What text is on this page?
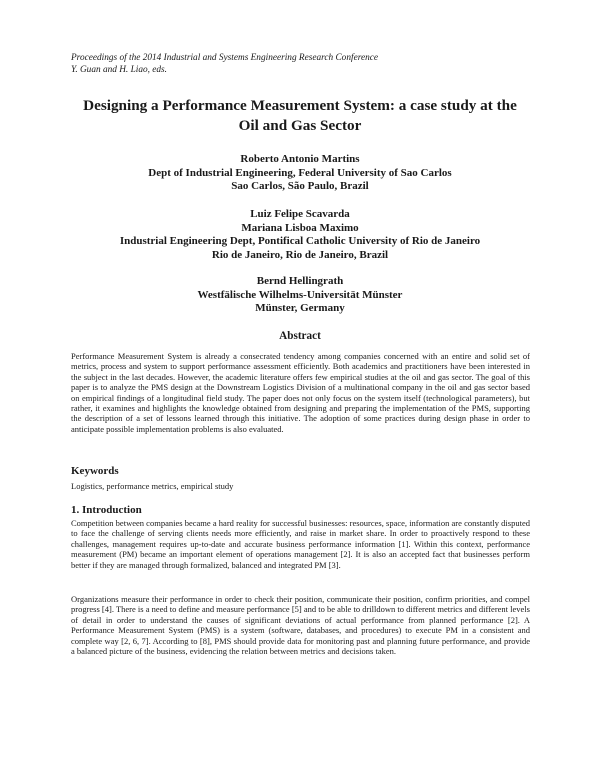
Proceedings of the 2014 Industrial and Systems Engineering Research Conference
Y. Guan and H. Liao, eds.
Designing a Performance Measurement System: a case study at the
Oil and Gas Sector
Roberto Antonio Martins
Dept of Industrial Engineering, Federal University of Sao Carlos
Sao Carlos, São Paulo, Brazil
Luiz Felipe Scavarda
Mariana Lisboa Maximo
Industrial Engineering Dept, Pontifical Catholic University of Rio de Janeiro
Rio de Janeiro, Rio de Janeiro, Brazil
Bernd Hellingrath
Westfälische Wilhelms-Universität Münster
Münster, Germany
Abstract
Performance Measurement System is already a consecrated tendency among companies concerned with an entire and solid set of metrics, process and system to support performance assessment efficiently. Both academics and practitioners have been interested in the subject in the last decades. However, the academic literature offers few empirical studies at the oil and gas sector. The goal of this paper is to analyze the PMS design at the Downstream Logistics Division of a multinational company in the oil and gas sector based on empirical findings of a longitudinal field study. The paper does not only focus on the system itself (technological parameters), but rather, it examines and highlights the knowledge obtained from designing and preparing the implementation of the PMS, supporting the description of a set of lessons learned through this initiative. The adoption of some practices during design phase in order to anticipate possible implementation problems is also evaluated.
Keywords
Logistics, performance metrics, empirical study
1. Introduction
Competition between companies became a hard reality for successful businesses: resources, space, information are constantly disputed to face the challenge of serving clients needs more efficiently, and raise in market share. In order to proactively respond to these challenges, management requires up-to-date and accurate business performance information [1]. Within this context, performance measurement (PM) became an important element of operations management [2]. It is also an accepted fact that businesses perform better if they are managed through formalized, balanced and integrated PM [3].
Organizations measure their performance in order to check their position, communicate their position, confirm priorities, and compel progress [4]. There is a need to define and measure performance [5] and to be able to drilldown to different metrics and different levels of detail in order to understand the causes of significant deviations of actual performance from planned performance [2]. A Performance Measurement System (PMS) is a system (software, databases, and procedures) to execute PM in a consistent and complete way [2, 6, 7]. According to [8], PMS should provide data for monitoring past and planning future performance, and provide a balanced picture of the business, evidencing the relation between metrics and decisions taken.
